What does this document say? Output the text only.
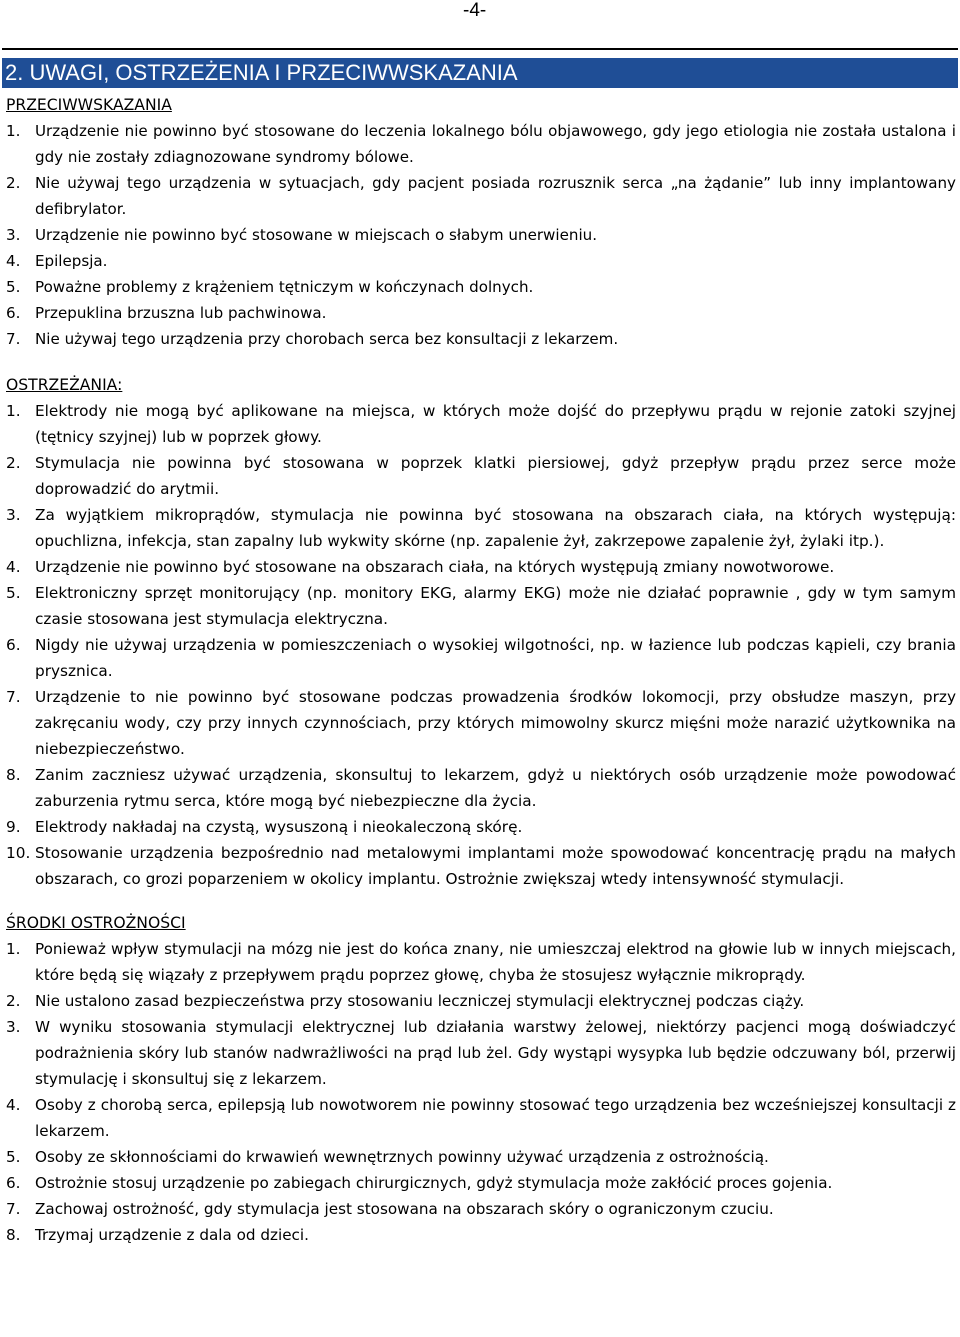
-4-
2. UWAGI, OSTRZEŻENIA I PRZECIWWSKAZANIA
PRZECIWWSKAZANIA
1. Urządzenie nie powinno być stosowane do leczenia lokalnego bólu objawowego, gdy jego etiologia nie została ustalona i gdy nie zostały zdiagnozowane syndromy bólowe.
2. Nie używaj tego urządzenia w sytuacjach, gdy pacjent posiada rozrusznik serca „na żądanie” lub inny implantowany defibrylator.
3. Urządzenie nie powinno być stosowane w miejscach o słabym unerwieniu.
4. Epilepsja.
5. Poważne problemy z krążeniem tętniczym w kończynach dolnych.
6. Przepuklina brzuszna lub pachwinowa.
7. Nie używaj tego urządzenia przy chorobach serca bez konsultacji z lekarzem.
OSTRZEŻANIA:
1. Elektrody nie mogą być aplikowane na miejsca, w których może dojść do przepływu prądu w rejonie zatoki szyjnej (tętnicy szyjnej) lub w poprzek głowy.
2. Stymulacja nie powinna być stosowana w poprzek klatki piersiowej, gdyż przepływ prądu przez serce może doprowadzić do arytmii.
3. Za wyjątkiem mikroprądów, stymulacja nie powinna być stosowana na obszarach ciała, na których występują: opuchlizna, infekcja, stan zapalny lub wykwity skórne (np. zapalenie żył, zakrzepowe zapalenie żył, żylaki itp.).
4. Urządzenie nie powinno być stosowane na obszarach ciała, na których występują zmiany nowotworowe.
5. Elektroniczny sprzęt monitorujący (np. monitory EKG, alarmy EKG) może nie działać poprawnie , gdy w tym samym czasie stosowana jest stymulacja elektryczna.
6. Nigdy nie używaj urządzenia w pomieszczeniach o wysokiej wilgotności, np. w łazience lub podczas kąpieli, czy brania prysznica.
7. Urządzenie to nie powinno być stosowane podczas prowadzenia środków lokomocji, przy obsłudze maszyn, przy zakręcaniu wody, czy przy innych czynnościach, przy których mimowolny skurcz mięśni może narazić użytkownika na niebezpieczeństwo.
8. Zanim zaczniesz używać urządzenia, skonsultuj to lekarzem, gdyż u niektórych osób urządzenie może powodować zaburzenia rytmu serca, które mogą być niebezpieczne dla życia.
9. Elektrody nakładaj na czystą, wysuszoną i nieokaleczoną skórę.
10. Stosowanie urządzenia bezpośrednio nad metalowymi implantami może spowodować koncentrację prądu na małych obszarach, co grozi poparzeniem w okolicy implantu. Ostrożnie zwiększaj wtedy intensywność stymulacji.
ŚRODKI OSTROŻNOŚCI
1. Ponieważ wpływ stymulacji na mózg nie jest do końca znany, nie umieszczaj elektrod na głowie lub w innych miejscach, które będą się wiązały z przepływem prądu poprzez głowę, chyba że stosujesz wyłącznie mikroprądy.
2. Nie ustalono zasad bezpieczeństwa przy stosowaniu leczniczej stymulacji elektrycznej podczas ciąży.
3. W wyniku stosowania stymulacji elektrycznej lub działania warstwy żelowej, niektórzy pacjenci mogą doświadczyć podrażnienia skóry lub stanów nadwrażliwości na prąd lub żel. Gdy wystąpi wysypka lub będzie odczuwany ból, przerwij stymulację i skonsultuj się z lekarzem.
4. Osoby z chorobą serca, epilepsją lub nowotworem nie powinny stosować tego urządzenia bez wcześniejszej konsultacji z lekarzem.
5. Osoby ze skłonnościami do krwawień wewnętrznych powinny używać urządzenia z ostrożnością.
6. Ostrożnie stosuj urządzenie po zabiegach chirurgicznych, gdyż stymulacja może zakłócić proces gojenia.
7. Zachowaj ostrożność, gdy stymulacja jest stosowana na obszarach skóry o ograniczonym czuciu.
8. Trzymaj urządzenie z dala od dzieci.
